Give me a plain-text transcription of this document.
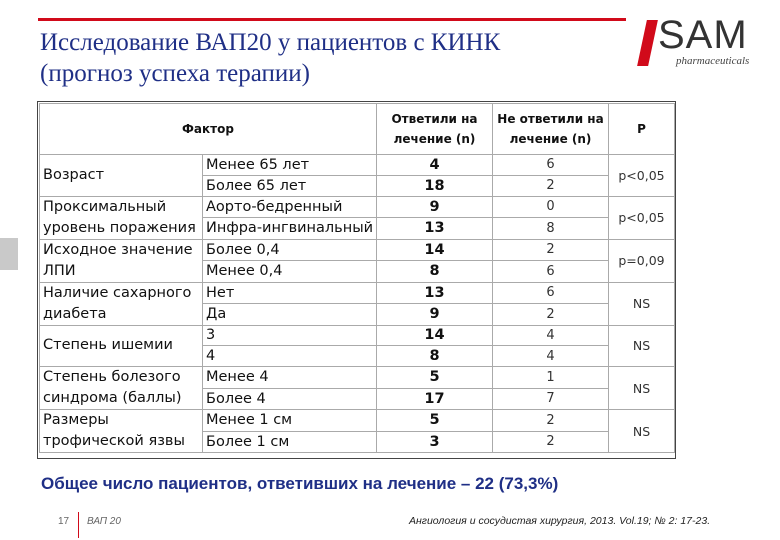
Исследование ВАП20 у пациентов с КИНК
(прогноз успеха терапии)
SAM
pharmaceuticals
Фактор		Ответили на
лечение (n)	Не ответили на
лечение (n)	P
Возраст	Менее 65 лет	4	6	p<0,05
	Более 65 лет	18	2	
Проксимальный
уровень поражения	Аорто-бедренный	9	0	p<0,05
	Инфра-ингвинальный	13	8	
Исходное значение
ЛПИ	Более 0,4	14	2	p=0,09
	Менее 0,4	8	6	
Наличие сахарного
диабета	Нет	13	6	NS
	Да	9	2	
Степень ишемии	3	14	4	NS
	4	8	4	
Степень болезого
синдрома (баллы)	Менее 4	5	1	NS
	Более 4	17	7	
Размеры
трофической язвы	Менее 1 см	5	2	NS
	Более 1 см	3	2	
Общее число пациентов, ответивших на лечение – 22 (73,3%)
17 ВАП 20	Ангиология и сосудистая хирургия, 2013. Vol.19; № 2: 17-23.
